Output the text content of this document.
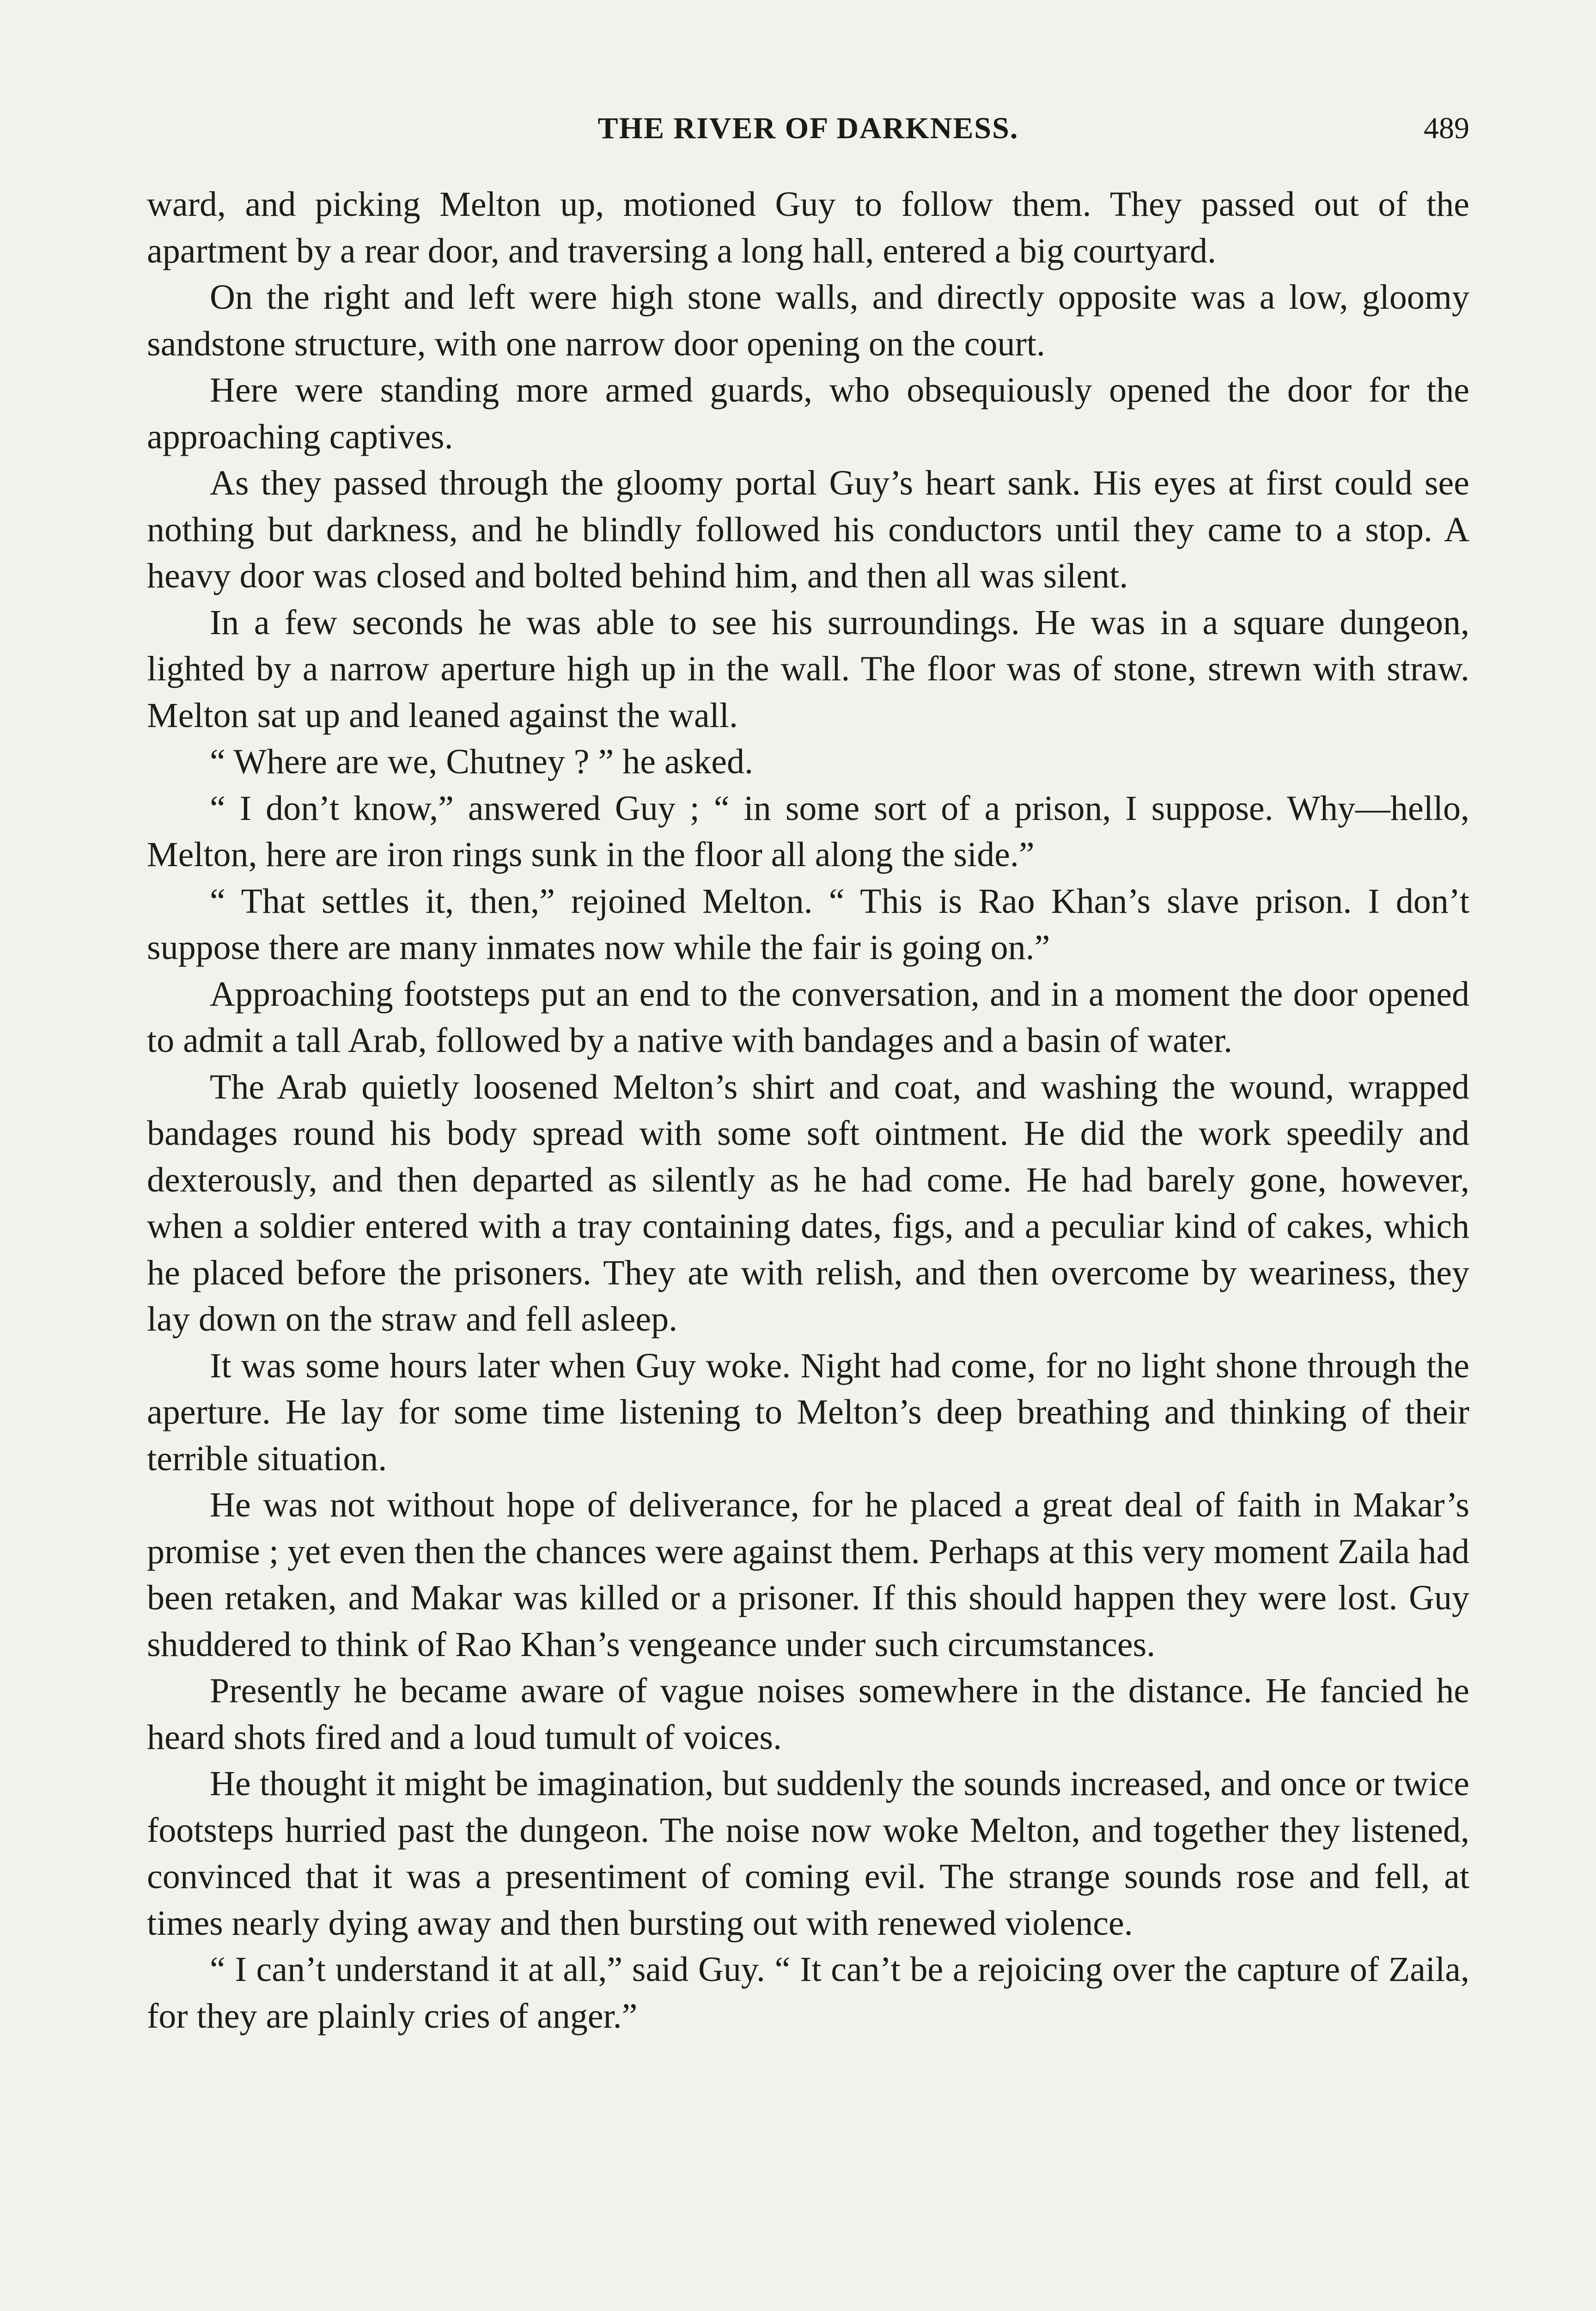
THE RIVER OF DARKNESS.	489

ward, and picking Melton up, motioned Guy to follow them. They passed out of the apartment by a rear door, and traversing a long hall, entered a big courtyard.

On the right and left were high stone walls, and directly opposite was a low, gloomy sandstone structure, with one narrow door opening on the court.

Here were standing more armed guards, who obsequiously opened the door for the approaching captives.

As they passed through the gloomy portal Guy’s heart sank. His eyes at first could see nothing but darkness, and he blindly followed his conductors until they came to a stop. A heavy door was closed and bolted behind him, and then all was silent.

In a few seconds he was able to see his surroundings. He was in a square dungeon, lighted by a narrow aperture high up in the wall. The floor was of stone, strewn with straw. Melton sat up and leaned against the wall.

“ Where are we, Chutney ? ” he asked.

“ I don’t know,” answered Guy ; “ in some sort of a prison, I suppose. Why—hello, Melton, here are iron rings sunk in the floor all along the side.”

“ That settles it, then,” rejoined Melton. “ This is Rao Khan’s slave prison. I don’t suppose there are many inmates now while the fair is going on.”

Approaching footsteps put an end to the conversation, and in a moment the door opened to admit a tall Arab, followed by a native with bandages and a basin of water.

The Arab quietly loosened Melton’s shirt and coat, and washing the wound, wrapped bandages round his body spread with some soft ointment. He did the work speedily and dexterously, and then departed as silently as he had come. He had barely gone, however, when a soldier entered with a tray containing dates, figs, and a peculiar kind of cakes, which he placed before the prisoners. They ate with relish, and then overcome by weariness, they lay down on the straw and fell asleep.

It was some hours later when Guy woke. Night had come, for no light shone through the aperture. He lay for some time listening to Melton’s deep breathing and thinking of their terrible situation.

He was not without hope of deliverance, for he placed a great deal of faith in Makar’s promise ; yet even then the chances were against them. Perhaps at this very moment Zaila had been retaken, and Makar was killed or a prisoner. If this should happen they were lost. Guy shuddered to think of Rao Khan’s vengeance under such circumstances.

Presently he became aware of vague noises somewhere in the distance. He fancied he heard shots fired and a loud tumult of voices.

He thought it might be imagination, but suddenly the sounds increased, and once or twice footsteps hurried past the dungeon. The noise now woke Melton, and together they listened, convinced that it was a presentiment of coming evil. The strange sounds rose and fell, at times nearly dying away and then bursting out with renewed violence.

“ I can’t understand it at all,” said Guy. “ It can’t be a rejoicing over the capture of Zaila, for they are plainly cries of anger.”
